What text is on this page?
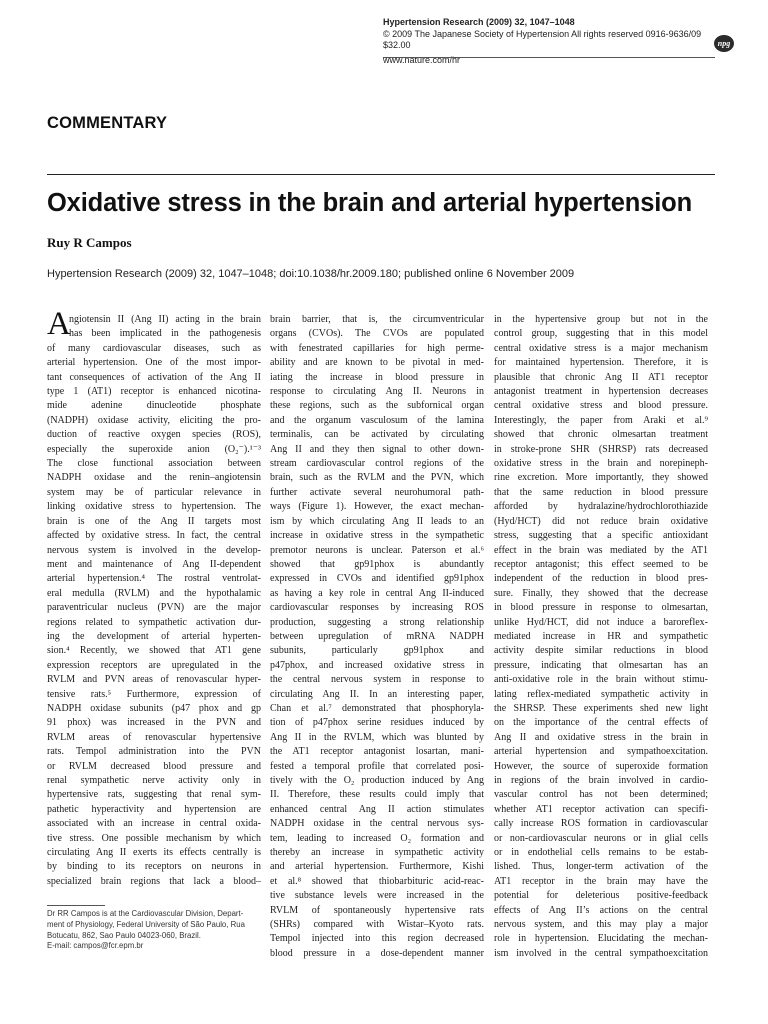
Hypertension Research (2009) 32, 1047–1048
© 2009 The Japanese Society of Hypertension All rights reserved 0916-9636/09 $32.00
www.nature.com/hr
npg
COMMENTARY
Oxidative stress in the brain and arterial hypertension
Ruy R Campos
Hypertension Research (2009) 32, 1047–1048; doi:10.1038/hr.2009.180; published online 6 November 2009
A
ngiotensin II (Ang II) acting in the brain
has been implicated in the pathogenesis
of many cardiovascular diseases, such as
arterial hypertension. One of the most impor-
tant consequences of activation of the Ang II
type 1 (AT1) receptor is enhanced nicotina-
mide adenine dinucleotide phosphate
(NADPH) oxidase activity, eliciting the pro-
duction of reactive oxygen species (ROS),
especially the superoxide anion (O₂⁻).¹⁻³
The close functional association between
NADPH oxidase and the renin–angiotensin
system may be of particular relevance in
linking oxidative stress to hypertension. The
brain is one of the Ang II targets most
affected by oxidative stress. In fact, the central
nervous system is involved in the develop-
ment and maintenance of Ang II-dependent
arterial hypertension.⁴ The rostral ventrolat-
eral medulla (RVLM) and the hypothalamic
paraventricular nucleus (PVN) are the major
regions related to sympathetic activation dur-
ing the development of arterial hyperten-
sion.⁴ Recently, we showed that AT1 gene
expression receptors are upregulated in the
RVLM and PVN areas of renovascular hyper-
tensive rats.⁵ Furthermore, expression of
NADPH oxidase subunits (p47 phox and gp
91 phox) was increased in the PVN and
RVLM areas of renovascular hypertensive
rats. Tempol administration into the PVN
or RVLM decreased blood pressure and
renal sympathetic nerve activity only in
hypertensive rats, suggesting that renal sym-
pathetic hyperactivity and hypertension are
associated with an increase in central oxida-
tive stress. One possible mechanism by which
circulating Ang II exerts its effects centrally is
by binding to its receptors on neurons in
specialized brain regions that lack a blood–
brain barrier, that is, the circumventricular
organs (CVOs). The CVOs are populated
with fenestrated capillaries for high perme-
ability and are known to be pivotal in med-
iating the increase in blood pressure in
response to circulating Ang II. Neurons in
these regions, such as the subfornical organ
and the organum vasculosum of the lamina
terminalis, can be activated by circulating
Ang II and they then signal to other down-
stream cardiovascular control regions of the
brain, such as the RVLM and the PVN, which
further activate several neurohumoral path-
ways (Figure 1). However, the exact mechan-
ism by which circulating Ang II leads to an
increase in oxidative stress in the sympathetic
premotor neurons is unclear. Paterson et al.⁶
showed that gp91phox is abundantly
expressed in CVOs and identified gp91phox
as having a key role in central Ang II-induced
cardiovascular responses by increasing ROS
production, suggesting a strong relationship
between upregulation of mRNA NADPH
subunits, particularly gp91phox and
p47phox, and increased oxidative stress in
the central nervous system in response to
circulating Ang II. In an interesting paper,
Chan et al.⁷ demonstrated that phosphoryla-
tion of p47phox serine residues induced by
Ang II in the RVLM, which was blunted by
the AT1 receptor antagonist losartan, mani-
fested a temporal profile that correlated posi-
tively with the O₂ production induced by Ang
II. Therefore, these results could imply that
enhanced central Ang II action stimulates
NADPH oxidase in the central nervous sys-
tem, leading to increased O₂ formation and
thereby an increase in sympathetic activity
and arterial hypertension. Furthermore, Kishi
et al.⁸ showed that thiobarbituric acid-reac-
tive substance levels were increased in the
RVLM of spontaneously hypertensive rats
(SHRs) compared with Wistar–Kyoto rats.
Tempol injected into this region decreased
blood pressure in a dose-dependent manner
in the hypertensive group but not in the
control group, suggesting that in this model
central oxidative stress is a major mechanism
for maintained hypertension. Therefore, it is
plausible that chronic Ang II AT1 receptor
antagonist treatment in hypertension decreases
central oxidative stress and blood pressure.
Interestingly, the paper from Araki et al.⁹
showed that chronic olmesartan treatment
in stroke-prone SHR (SHRSP) rats decreased
oxidative stress in the brain and norepineph-
rine excretion. More importantly, they showed
that the same reduction in blood pressure
afforded by hydralazine/hydrochlorothiazide
(Hyd/HCT) did not reduce brain oxidative
stress, suggesting that a specific antioxidant
effect in the brain was mediated by the AT1
receptor antagonist; this effect seemed to be
independent of the reduction in blood pres-
sure. Finally, they showed that the decrease
in blood pressure in response to olmesartan,
unlike Hyd/HCT, did not induce a baroreflex-
mediated increase in HR and sympathetic
activity despite similar reductions in blood
pressure, indicating that olmesartan has an
anti-oxidative role in the brain without stimu-
lating reflex-mediated sympathetic activity in
the SHRSP. These experiments shed new light
on the importance of the central effects of
Ang II and oxidative stress in the brain in
arterial hypertension and sympathoexcitation.
However, the source of superoxide formation
in regions of the brain involved in cardio-
vascular control has not been determined;
whether AT1 receptor activation can specifi-
cally increase ROS formation in cardiovascular
or non-cardiovascular neurons or in glial cells
or in endothelial cells remains to be estab-
lished. Thus, longer-term activation of the
AT1 receptor in the brain may have the
potential for deleterious positive-feedback
effects of Ang II’s actions on the central
nervous system, and this may play a major
role in hypertension. Elucidating the mechan-
ism involved in the central sympathoexcitation
Dr RR Campos is at the Cardiovascular Division, Depart-
ment of Physiology, Federal University of São Paulo, Rua
Botucatu, 862, Sao Paulo 04023-060, Brazil.
E-mail: campos@fcr.epm.br
